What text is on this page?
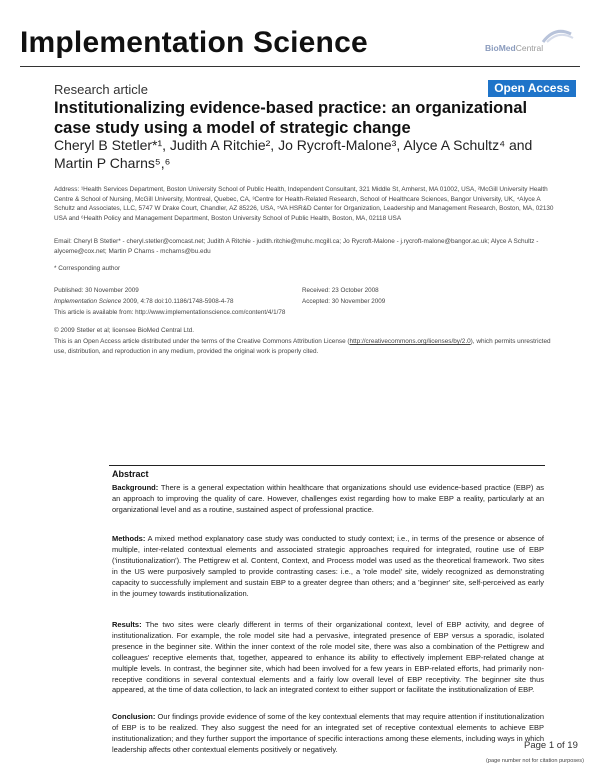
Implementation Science	BioMedCentral
Research article	Open Access
Institutionalizing evidence-based practice: an organizational case study using a model of strategic change
Cheryl B Stetler*¹, Judith A Ritchie², Jo Rycroft-Malone³, Alyce A Schultz⁴ and Martin P Charns⁵,⁶
Address: ¹Health Services Department, Boston University School of Public Health, Independent Consultant, 321 Middle St, Amherst, MA 01002, USA, ²McGill University Health Centre & School of Nursing, McGill University, Montreal, Quebec, CA, ³Centre for Health-Related Research, School of Healthcare Sciences, Bangor University, UK, ⁴Alyce A Schultz and Associates, LLC, 5747 W Drake Court, Chandler, AZ 85226, USA, ⁵VA HSR&D Center for Organization, Leadership and Management Research, Boston, MA, 02130 USA and ⁶Health Policy and Management Department, Boston University School of Public Health, Boston, MA, 02118 USA
Email: Cheryl B Stetler* - cheryl.stetler@comcast.net; Judith A Ritchie - judith.ritchie@muhc.mcgill.ca; Jo Rycroft-Malone - j.rycroft-malone@bangor.ac.uk; Alyce A Schultz - alyceme@cox.net; Martin P Charns - mcharns@bu.edu
* Corresponding author
Published: 30 November 2009	Received: 23 October 2008
Implementation Science 2009, 4:78 doi:10.1186/1748-5908-4-78	Accepted: 30 November 2009
This article is available from: http://www.implementationscience.com/content/4/1/78
© 2009 Stetler et al; licensee BioMed Central Ltd.
This is an Open Access article distributed under the terms of the Creative Commons Attribution License (http://creativecommons.org/licenses/by/2.0), which permits unrestricted use, distribution, and reproduction in any medium, provided the original work is properly cited.
Abstract
Background: There is a general expectation within healthcare that organizations should use evidence-based practice (EBP) as an approach to improving the quality of care. However, challenges exist regarding how to make EBP a reality, particularly at an organizational level and as a routine, sustained aspect of professional practice.
Methods: A mixed method explanatory case study was conducted to study context; i.e., in terms of the presence or absence of multiple, inter-related contextual elements and associated strategic approaches required for integrated, routine use of EBP ('institutionalization'). The Pettigrew et al. Content, Context, and Process model was used as the theoretical framework. Two sites in the US were purposively sampled to provide contrasting cases: i.e., a 'role model' site, widely recognized as demonstrating capacity to successfully implement and sustain EBP to a greater degree than others; and a 'beginner' site, self-perceived as early in the journey towards institutionalization.
Results: The two sites were clearly different in terms of their organizational context, level of EBP activity, and degree of institutionalization. For example, the role model site had a pervasive, integrated presence of EBP versus a sporadic, isolated presence in the beginner site. Within the inner context of the role model site, there was also a combination of the Pettigrew and colleagues' receptive elements that, together, appeared to enhance its ability to effectively implement EBP-related change at multiple levels. In contrast, the beginner site, which had been involved for a few years in EBP-related efforts, had primarily non-receptive conditions in several contextual elements and a fairly low overall level of EBP receptivity. The beginner site thus appeared, at the time of data collection, to lack an integrated context to either support or facilitate the institutionalization of EBP.
Conclusion: Our findings provide evidence of some of the key contextual elements that may require attention if institutionalization of EBP is to be realized. They also suggest the need for an integrated set of receptive contextual elements to achieve EBP institutionalization; and they further support the importance of specific interactions among these elements, including ways in which leadership affects other contextual elements positively or negatively.	Page 1 of 19
(page number not for citation purposes)
